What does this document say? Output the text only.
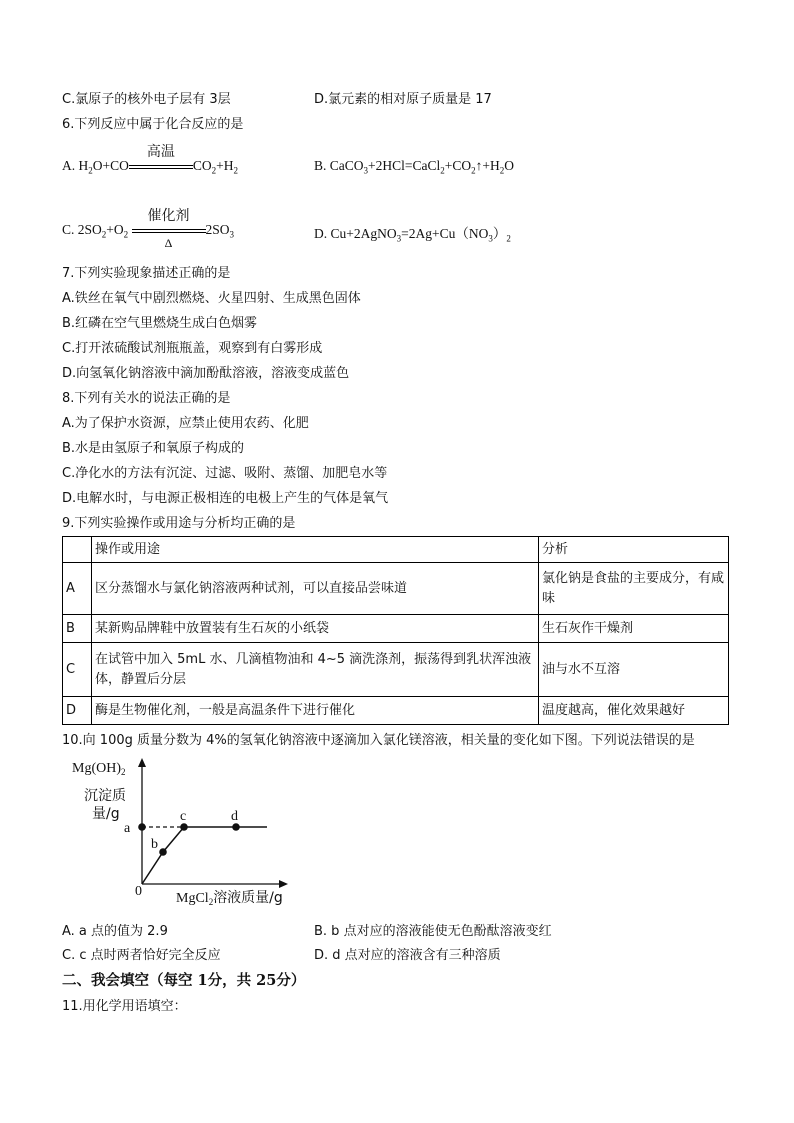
C.氯原子的核外电子层有 3层	D.氯元素的相对原子质量是 17
6.下列反应中属于化合反应的是
A. $H_2O+CO$
高温
$CO_2+H_2$	B. $CaCO_3+2HCl=CaCl_2+CO_2↑+H_2O$
C. $2SO_2+O_2$
催化剂
Δ
$2SO_3$	D. $Cu+2AgNO_3=2Ag+Cu(NO_3)_2$
7.下列实验现象描述正确的是
A.铁丝在氧气中剧烈燃烧、火星四射、生成黑色固体
B.红磷在空气里燃烧生成白色烟雾
C.打开浓硫酸试剂瓶瓶盖，观察到有白雾形成
D.向氢氧化钠溶液中滴加酚酞溶液，溶液变成蓝色
8.下列有关水的说法正确的是
A.为了保护水资源，应禁止使用农药、化肥
B.水是由氢原子和氧原子构成的
C.净化水的方法有沉淀、过滤、吸附、蒸馏、加肥皂水等
D.电解水时，与电源正极相连的电极上产生的气体是氧气
9.下列实验操作或用途与分析均正确的是
	操作或用途	分析
A	区分蒸馏水与氯化钠溶液两种试剂，可以直接品尝味道	氯化钠是食盐的主要成分，有咸味
B	某新购品牌鞋中放置装有生石灰的小纸袋	生石灰作干燥剂
C	在试管中加入 5mL 水、几滴植物油和 4~5 滴洗涤剂，振荡得到乳状浑浊液体，静置后分层	油与水不互溶
D	酶是生物催化剂，一般是高温条件下进行催化	温度越高，催化效果越好
10.向 100g 质量分数为 4%的氢氧化钠溶液中逐滴加入氯化镁溶液，相关量的变化如下图。下列说法错误的是
$Mg(OH)_2$
沉淀质
量/g
0 MgCl$_2$溶液质量/g
a
b
c	d
A. a 点的值为 2.9	B. b 点对应的溶液能使无色酚酞溶液变红
C. c 点时两者恰好完全反应	D. d 点对应的溶液含有三种溶质
二、我会填空（每空 1分，共 25分）
11.用化学用语填空：
